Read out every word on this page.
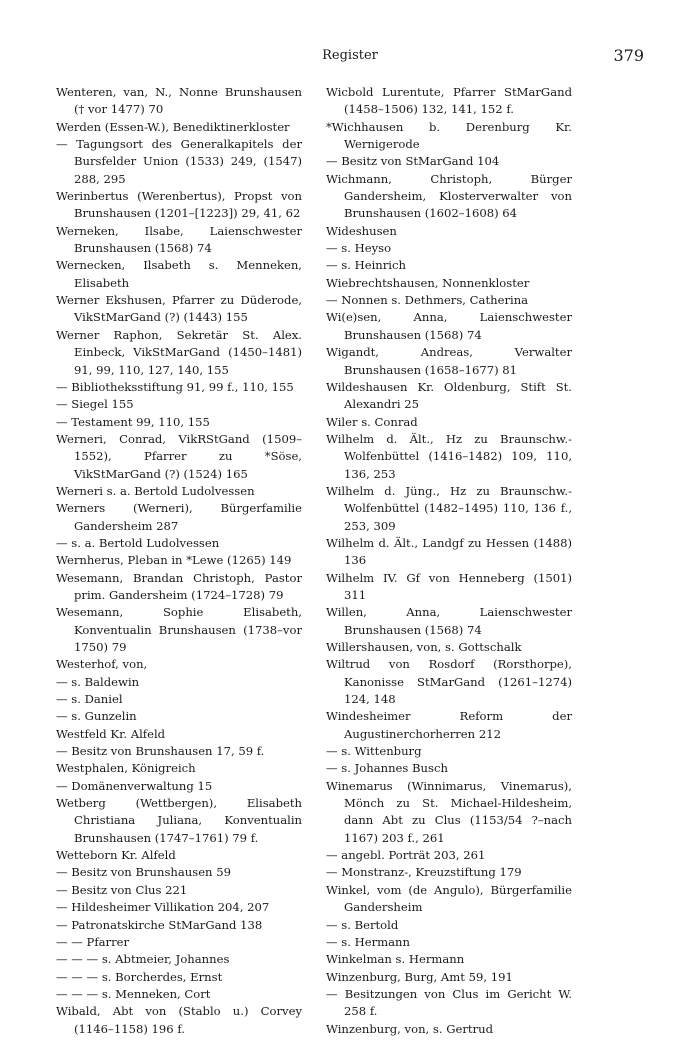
Register	379
Wenteren, van, N., Nonne Brunshausen († vor 1477) 70
Werden (Essen-W.), Benediktinerkloster
— Tagungsort des Generalkapitels der Bursfelder Union (1533) 249, (1547) 288, 295
Werinbertus (Werenbertus), Propst von Brunshausen (1201–[1223]) 29, 41, 62
Werneken, Ilsabe, Laienschwester Brunshausen (1568) 74
Wernecken, Ilsabeth s. Menneken, Elisabeth
Werner Ekshusen, Pfarrer zu Düderode, VikStMarGand (?) (1443) 155
Werner Raphon, Sekretär St. Alex. Einbeck, VikStMarGand (1450–1481) 91, 99, 110, 127, 140, 155
— Bibliotheksstiftung 91, 99 f., 110, 155
— Siegel 155
— Testament 99, 110, 155
Werneri, Conrad, VikRStGand (1509–1552), Pfarrer zu *Söse, VikStMarGand (?) (1524) 165
Werneri s. a. Bertold Ludolvessen
Werners (Werneri), Bürgerfamilie Gandersheim 287
— s. a. Bertold Ludolvessen
Wernherus, Pleban in *Lewe (1265) 149
Wesemann, Brandan Christoph, Pastor prim. Gandersheim (1724–1728) 79
Wesemann, Sophie Elisabeth, Konventualin Brunshausen (1738–vor 1750) 79
Westerhof, von,
— s. Baldewin
— s. Daniel
— s. Gunzelin
Westfeld Kr. Alfeld
— Besitz von Brunshausen 17, 59 f.
Westphalen, Königreich
— Domänenverwaltung 15
Wetberg (Wettbergen), Elisabeth Christiana Juliana, Konventualin Brunshausen (1747–1761) 79 f.
Wetteborn Kr. Alfeld
— Besitz von Brunshausen 59
— Besitz von Clus 221
— Hildesheimer Villikation 204, 207
— Patronatskirche StMarGand 138
— — Pfarrer
— — — s. Abtmeier, Johannes
— — — s. Borcherdes, Ernst
— — — s. Menneken, Cort
Wibald, Abt von (Stablo u.) Corvey (1146–1158) 196 f.
Wicbold Lurentute, Pfarrer StMarGand (1458–1506) 132, 141, 152 f.
*Wichhausen b. Derenburg Kr. Wernigerode
— Besitz von StMarGand 104
Wichmann, Christoph, Bürger Gandersheim, Klosterverwalter von Brunshausen (1602–1608) 64
Wideshusen
— s. Heyso
— s. Heinrich
Wiebrechtshausen, Nonnenkloster
— Nonnen s. Dethmers, Catherina
Wi(e)sen, Anna, Laienschwester Brunshausen (1568) 74
Wigandt, Andreas, Verwalter Brunshausen (1658–1677) 81
Wildeshausen Kr. Oldenburg, Stift St. Alexandri 25
Wiler s. Conrad
Wilhelm d. Ält., Hz zu Braunschw.-Wolfenbüttel (1416–1482) 109, 110, 136, 253
Wilhelm d. Jüng., Hz zu Braunschw.-Wolfenbüttel (1482–1495) 110, 136 f., 253, 309
Wilhelm d. Ält., Landgf zu Hessen (1488) 136
Wilhelm IV. Gf von Henneberg (1501) 311
Willen, Anna, Laienschwester Brunshausen (1568) 74
Willershausen, von, s. Gottschalk
Wiltrud von Rosdorf (Rorsthorpe), Kanonisse StMarGand (1261–1274) 124, 148
Windesheimer Reform der Augustinerchorherren 212
— s. Wittenburg
— s. Johannes Busch
Winemarus (Winnimarus, Vinemarus), Mönch zu St. Michael-Hildesheim, dann Abt zu Clus (1153/54 ?–nach 1167) 203 f., 261
— angebl. Porträt 203, 261
— Monstranz-, Kreuzstiftung 179
Winkel, vom (de Angulo), Bürgerfamilie Gandersheim
— s. Bertold
— s. Hermann
Winkelman s. Hermann
Winzenburg, Burg, Amt 59, 191
— Besitzungen von Clus im Gericht W. 258 f.
Winzenburg, von, s. Gertrud
